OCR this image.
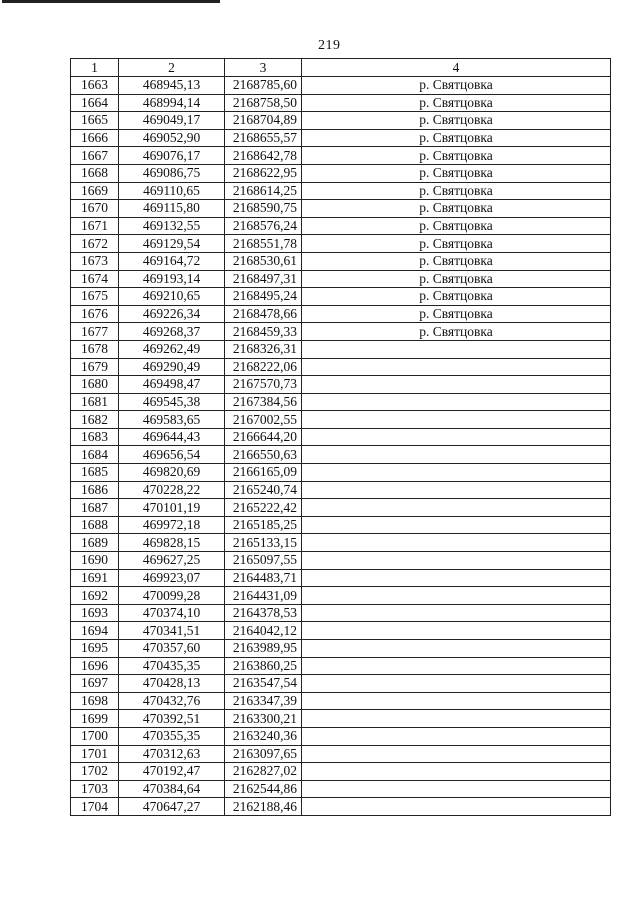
219
1	2	3	4
1663	468945,13	2168785,60	р. Святцовка
1664	468994,14	2168758,50	р. Святцовка
1665	469049,17	2168704,89	р. Святцовка
1666	469052,90	2168655,57	р. Святцовка
1667	469076,17	2168642,78	р. Святцовка
1668	469086,75	2168622,95	р. Святцовка
1669	469110,65	2168614,25	р. Святцовка
1670	469115,80	2168590,75	р. Святцовка
1671	469132,55	2168576,24	р. Святцовка
1672	469129,54	2168551,78	р. Святцовка
1673	469164,72	2168530,61	р. Святцовка
1674	469193,14	2168497,31	р. Святцовка
1675	469210,65	2168495,24	р. Святцовка
1676	469226,34	2168478,66	р. Святцовка
1677	469268,37	2168459,33	р. Святцовка
1678	469262,49	2168326,31	
1679	469290,49	2168222,06	
1680	469498,47	2167570,73	
1681	469545,38	2167384,56	
1682	469583,65	2167002,55	
1683	469644,43	2166644,20	
1684	469656,54	2166550,63	
1685	469820,69	2166165,09	
1686	470228,22	2165240,74	
1687	470101,19	2165222,42	
1688	469972,18	2165185,25	
1689	469828,15	2165133,15	
1690	469627,25	2165097,55	
1691	469923,07	2164483,71	
1692	470099,28	2164431,09	
1693	470374,10	2164378,53	
1694	470341,51	2164042,12	
1695	470357,60	2163989,95	
1696	470435,35	2163860,25	
1697	470428,13	2163547,54	
1698	470432,76	2163347,39	
1699	470392,51	2163300,21	
1700	470355,35	2163240,36	
1701	470312,63	2163097,65	
1702	470192,47	2162827,02	
1703	470384,64	2162544,86	
1704	470647,27	2162188,46	
